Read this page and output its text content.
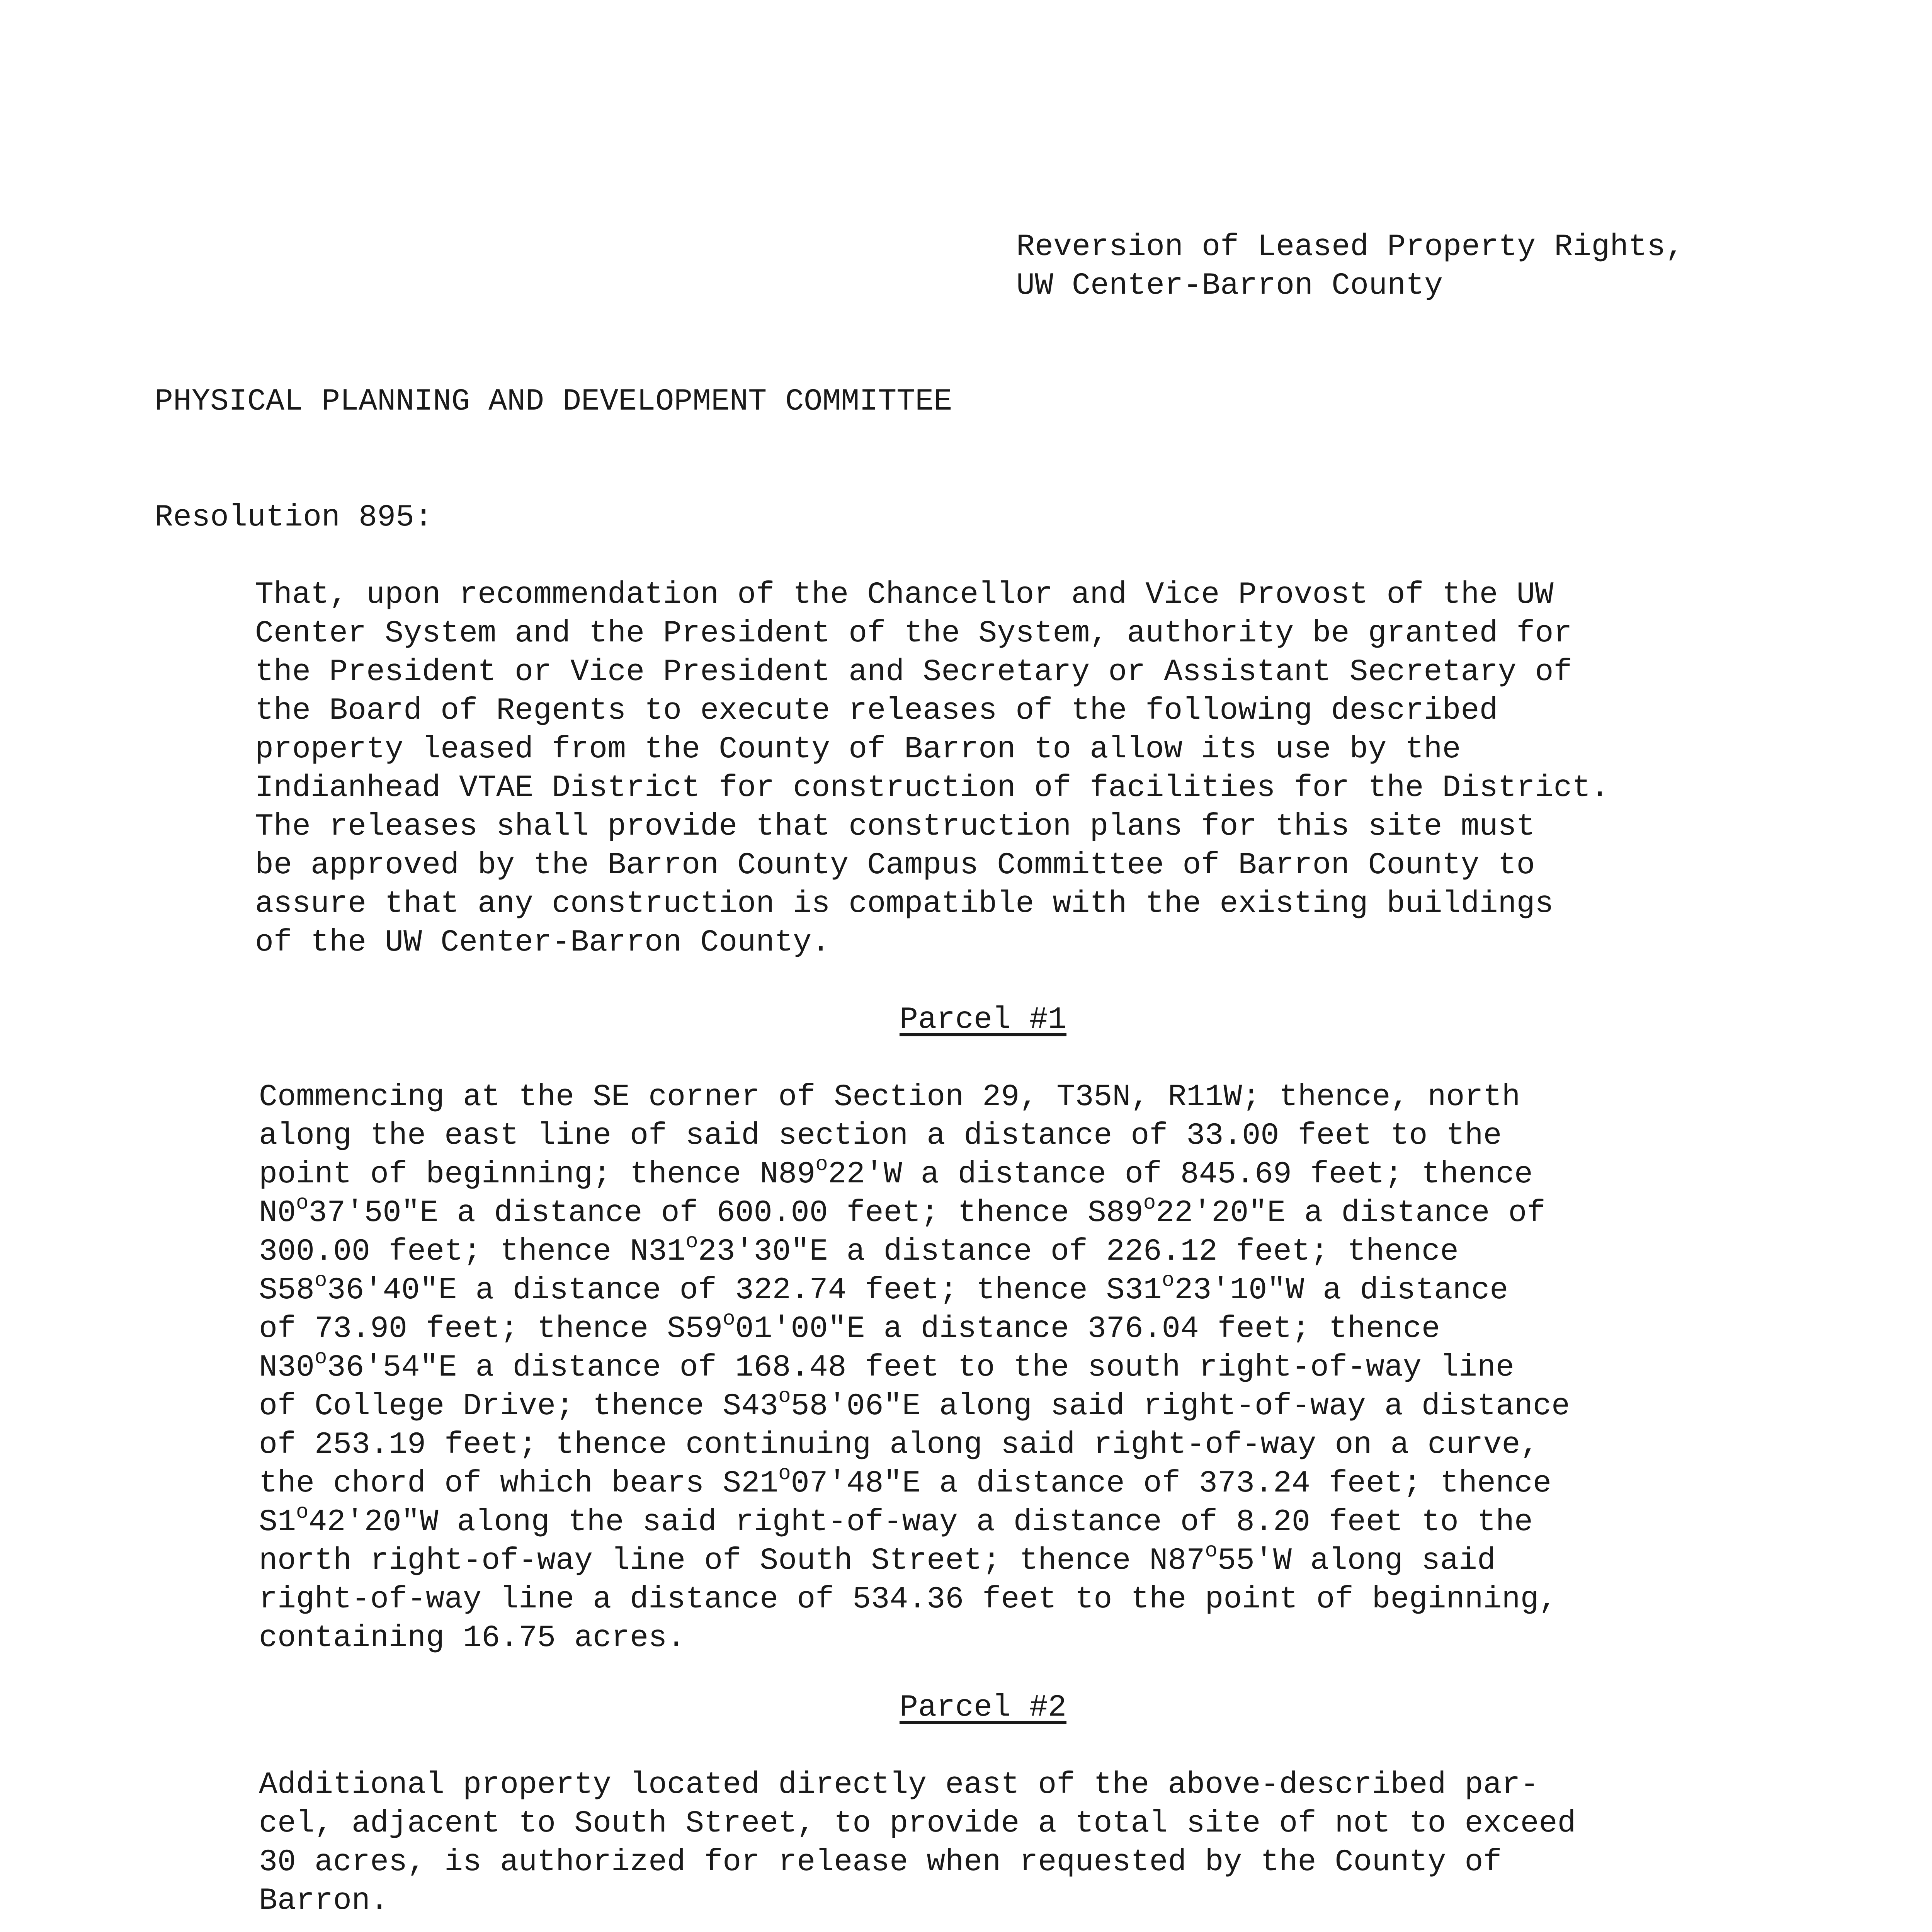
Reversion of Leased Property Rights,
UW Center-Barron County
PHYSICAL PLANNING AND DEVELOPMENT COMMITTEE
Resolution 895:
That, upon recommendation of the Chancellor and Vice Provost of the UW
Center System and the President of the System, authority be granted for
the President or Vice President and Secretary or Assistant Secretary of
the Board of Regents to execute releases of the following described
property leased from the County of Barron to allow its use by the
Indianhead VTAE District for construction of facilities for the District.
The releases shall provide that construction plans for this site must
be approved by the Barron County Campus Committee of Barron County to
assure that any construction is compatible with the existing buildings
of the UW Center-Barron County.
Parcel #1
Commencing at the SE corner of Section 29, T35N, R11W; thence, north
along the east line of said section a distance of 33.00 feet to the
point of beginning; thence N89$^o$22'W a distance of 845.69 feet; thence
N0$^o$37'50"E a distance of 600.00 feet; thence S89$^o$22'20"E a distance of
300.00 feet; thence N31$^o$23'30"E a distance of 226.12 feet; thence
S58$^o$36'40"E a distance of 322.74 feet; thence S31$^o$23'10"W a distance
of 73.90 feet; thence S59$^o$01'00"E a distance 376.04 feet; thence
N30$^o$36'54"E a distance of 168.48 feet to the south right-of-way line
of College Drive; thence S43$^o$58'06"E along said right-of-way a distance
of 253.19 feet; thence continuing along said right-of-way on a curve,
the chord of which bears S21$^o$07'48"E a distance of 373.24 feet; thence
S1$^o$42'20"W along the said right-of-way a distance of 8.20 feet to the
north right-of-way line of South Street; thence N87$^o$55'W along said
right-of-way line a distance of 534.36 feet to the point of beginning,
containing 16.75 acres.
Parcel #2
Additional property located directly east of the above-described par-
cel, adjacent to South Street, to provide a total site of not to exceed
30 acres, is authorized for release when requested by the County of
Barron.
